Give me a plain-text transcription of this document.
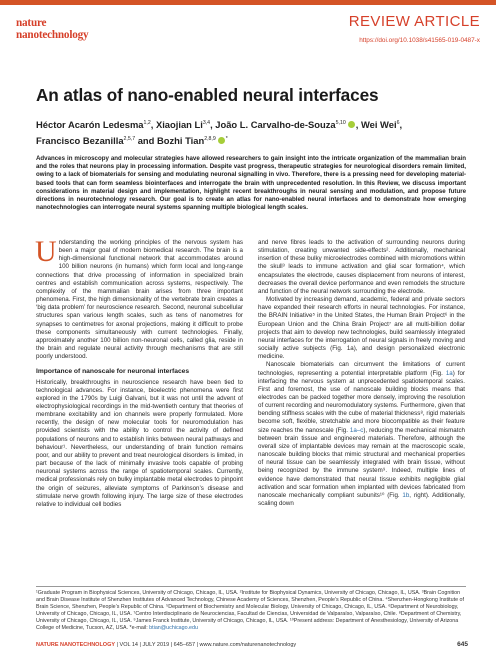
nature
nanotechnology
REVIEW ARTICLE
https://doi.org/10.1038/s41565-019-0487-x
An atlas of nano-enabled neural interfaces
Héctor Acarón Ledesma$^{1,2}$, Xiaojian Li$^{3,4}$, João L. Carvalho-de-Souza$^{5,10}$ , Wei Wei$^6$,
Francisco Bezanilla$^{2,5,7}$ and Bozhi Tian$^{2,8,9}$ *

Advances in microscopy and molecular strategies have allowed researchers to gain insight into the intricate organization of the mammalian brain and the roles that neurons play in processing information. Despite vast progress, therapeutic strategies for neurological disorders remain limited, owing to a lack of biomaterials for sensing and modulating neuronal signalling in vivo. Therefore, there is a pressing need for developing material-based tools that can form seamless biointerfaces and interrogate the brain with unprecedented resolution. In this Review, we discuss important considerations in material design and implementation, highlight recent breakthroughs in neural sensing and modulation, and propose future directions in neurotechnology research. Our goal is to create an atlas for nano-enabled neural interfaces and to demonstrate how emerging nanotechnologies can interrogate neural systems spanning multiple biological length scales.

Understanding the working principles of the nervous system has been a major goal of modern biomedical research. The brain is a high-dimensional functional network that accommodates around 100 billion neurons (in humans) which form local and long-range connections that drive processing of information in specialized brain centres and establish communication across systems, respectively. The complexity of the mammalian brain arises from three important phenomena. First, the high dimensionality of the vertebrate brain creates a ‘big data problem’ for neuroscience research. Second, neuronal subcellular structures span various length scales, such as tens of nanometres for synapses to centimetres for axonal projections, making it difficult to probe these components simultaneously with current technologies. Finally, approximately another 100 billion non-neuronal cells, called glia, reside in the brain and regulate neural activity through mechanisms that are still poorly understood.

Importance of nanoscale for neuronal interfaces

Historically, breakthroughs in neuroscience research have been tied to technological advances. For instance, bioelectric phenomena were first explored in the 1790s by Luigi Galvani, but it was not until the advent of electrophysiological recordings in the mid-twentieth century that theories of membrane excitability and ion channels were properly formulated. More recently, the design of new molecular tools for neuromodulation has provided scientists with the ability to control the activity of defined populations of neurons and to establish links between neural pathways and behaviour¹. Nevertheless, our understanding of brain function remains poor, and our ability to prevent and treat neurological disorders is limited, in part because of the lack of minimally invasive tools capable of probing neuronal systems across the range of spatiotemporal scales. Currently, medical professionals rely on bulky implantable metal electrodes to pinpoint the origin of seizures, alleviate symptoms of Parkinson’s disease and stimulate nerve growth following injury. The large size of these electrodes relative to individual cell bodies

and nerve fibres leads to the activation of surrounding neurons during stimulation, creating unwanted side-effects². Additionally, mechanical insertion of these bulky microelectrodes combined with micromotions within the skull³ leads to immune activation and glial scar formation⁴, which encapsulates the electrode, causes displacement from neurons of interest, decreases the overall device performance and even remodels the structure and function of the neural network surrounding the electrode.

Motivated by increasing demand, academic, federal and private sectors have expanded their research efforts in neural technologies. For instance, the BRAIN Initiative⁵ in the United States, the Human Brain Project⁶ in the European Union and the China Brain Project⁷ are all multi-billion dollar projects that aim to develop new technologies, build seamlessly integrated neural interfaces for the interrogation of neural signals in freely moving and socially active subjects (Fig. 1a), and design personalized electronic medicine.

Nanoscale biomaterials can circumvent the limitations of current technologies, representing a potential interpretable platform (Fig. 1a) for interfacing the nervous system at unprecedented spatiotemporal scales. First and foremost, the use of nanoscale building blocks means that electrodes can be packed together more densely, improving the resolution of current recording and neuromodulatory systems. Furthermore, given that bending stiffness scales with the cube of material thickness⁸, rigid materials become soft, flexible, stretchable and more biocompatible as their feature size reaches the nanoscale (Fig. 1a–c), reducing the mechanical mismatch between brain tissue and engineered materials. Therefore, although the overall size of implantable devices may remain at the macroscopic scale, nanoscale building blocks that mimic structural and mechanical properties of neural tissue can be seamlessly integrated with brain tissue, without being recognized by the immune system⁹. Indeed, multiple lines of evidence have demonstrated that neural tissue exhibits negligible glial activation and scar formation when implanted with devices fabricated from nanoscale mechanically compliant subunits¹⁰ (Fig. 1b, right). Additionally, scaling down

¹Graduate Program in Biophysical Sciences, University of Chicago, Chicago, IL, USA. ²Institute for Biophysical Dynamics, University of Chicago, Chicago, IL, USA. ³Brain Cognition and Brain Disease Institute of Shenzhen Institutes of Advanced Technology, Chinese Academy of Sciences, Shenzhen, People’s Republic of China. ⁴Shenzhen-Hongkong Institute of Brain Science, Shenzhen, People’s Republic of China. ⁵Department of Biochemistry and Molecular Biology, University of Chicago, Chicago, IL, USA. ⁶Department of Neurobiology, University of Chicago, Chicago, IL, USA. ⁷Centro Interdisciplinario de Neurociencias, Facultad de Ciencias, Universidad de Valparaíso, Valparaíso, Chile. ⁸Department of Chemistry, University of Chicago, Chicago, IL, USA. ⁹James Franck Institute, University of Chicago, Chicago, IL, USA. ¹⁰Present address: Department of Anesthesiology, University of Arizona College of Medicine, Tucson, AZ, USA. *e-mail: btian@uchicago.edu

NATURE NANOTECHNOLOGY | VOL 14 | JULY 2019 | 645–657 | www.nature.com/naturenanotechnology	645
